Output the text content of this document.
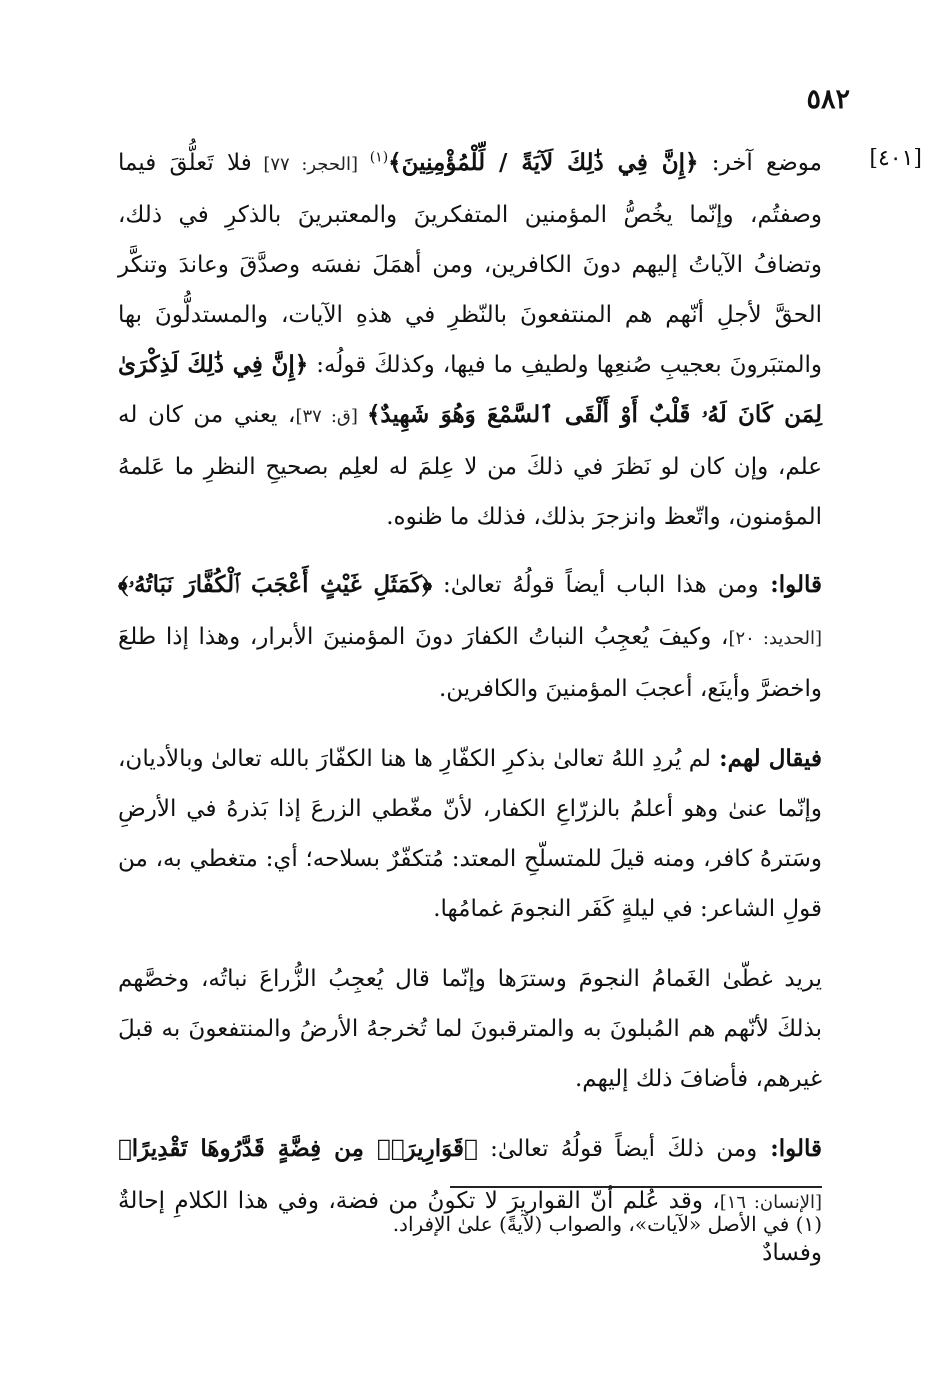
٥٨٢
[٤٠١]

موضع آخر: ﴿إِنَّ فِي ذَٰلِكَ لَآيَةً / لِّلْمُؤْمِنِينَ﴾$^{(١)}$ [الحجر: ٧٧] فلا تَعلُّقَ فيما وصفتُم، وإنّما يخُصُّ المؤمنين المتفكرينَ والمعتبرينَ بالذكرِ في ذلك، وتضافُ الآياتُ إليهم دونَ الكافرين، ومن أهمَلَ نفسَه وصدَّقَ وعاندَ وتنكَّر الحقَّ لأجلِ أنّهم هم المنتفعونَ بالنّظرِ في هذهِ الآيات، والمستدلُّونَ بها والمتبَرونَ بعجيبِ صُنعِها ولطيفِ ما فيها، وكذلكَ قولُه: ﴿إِنَّ فِي ذَٰلِكَ لَذِكْرَىٰ لِمَن كَانَ لَهُۥ قَلْبٌ أَوْ أَلْقَى ٱلسَّمْعَ وَهُوَ شَهِيدٌ﴾ [ق: ٣٧]، يعني من كان له علم، وإن كان لو نَظرَ في ذلكَ من لا عِلمَ له لعلِم بصحيحِ النظرِ ما عَلمهُ المؤمنون، واتّعظ وانزجرَ بذلك، فذلك ما ظنوه.

قالوا: ومن هذا الباب أيضاً قولُهُ تعالىٰ: ﴿كَمَثَلِ غَيْثٍ أَعْجَبَ ٱلْكُفَّارَ نَبَاتُهُۥ﴾ [الحديد: ٢٠]، وكيفَ يُعجِبُ النباتُ الكفارَ دونَ المؤمنينَ الأبرار، وهذا إذا طلعَ واخضرَّ وأينَع، أعجبَ المؤمنينَ والكافرين.

فيقال لهم: لم يُردِ اللهُ تعالىٰ بذكرِ الكفّارِ ها هنا الكفّارَ بالله تعالىٰ وبالأديان، وإنّما عنىٰ وهو أعلمُ بالزرّاعِ الكفار، لأنّ مغّطي الزرعَ إذا بَذرهُ في الأرضِ وسَترهُ كافر، ومنه قيلَ للمتسلّحِ المعتد: مُتكفّرٌ بسلاحه؛ أي: متغطي به، من قولِ الشاعر: في ليلةٍ كَفَر النجومَ غمامُها.

يريد غطّىٰ الغَمامُ النجومَ وسترَها وإنّما قال يُعجِبُ الزُّراعَ نباتُه، وخصَّهم بذلكَ لأنّهم هم المُبلونَ به والمترقبونَ لما تُخرجهُ الأرضُ والمنتفعونَ به قبلَ غيرهم، فأضافَ ذلك إليهم.

قالوا: ومن ذلكَ أيضاً قولُهُ تعالىٰ: ﴿قَوَارِيرَا۟ مِن فِضَّةٍ قَدَّرُوهَا تَقْدِيرًا﴾ [الإنسان: ١٦]، وقد عُلم أنّ القواريرَ لا تكونُ من فضة، وفي هذا الكلامِ إحالةٌ وفسادٌ

(١) في الأصل «لآيات»، والصواب (لآيةً) علىٰ الإفراد.
